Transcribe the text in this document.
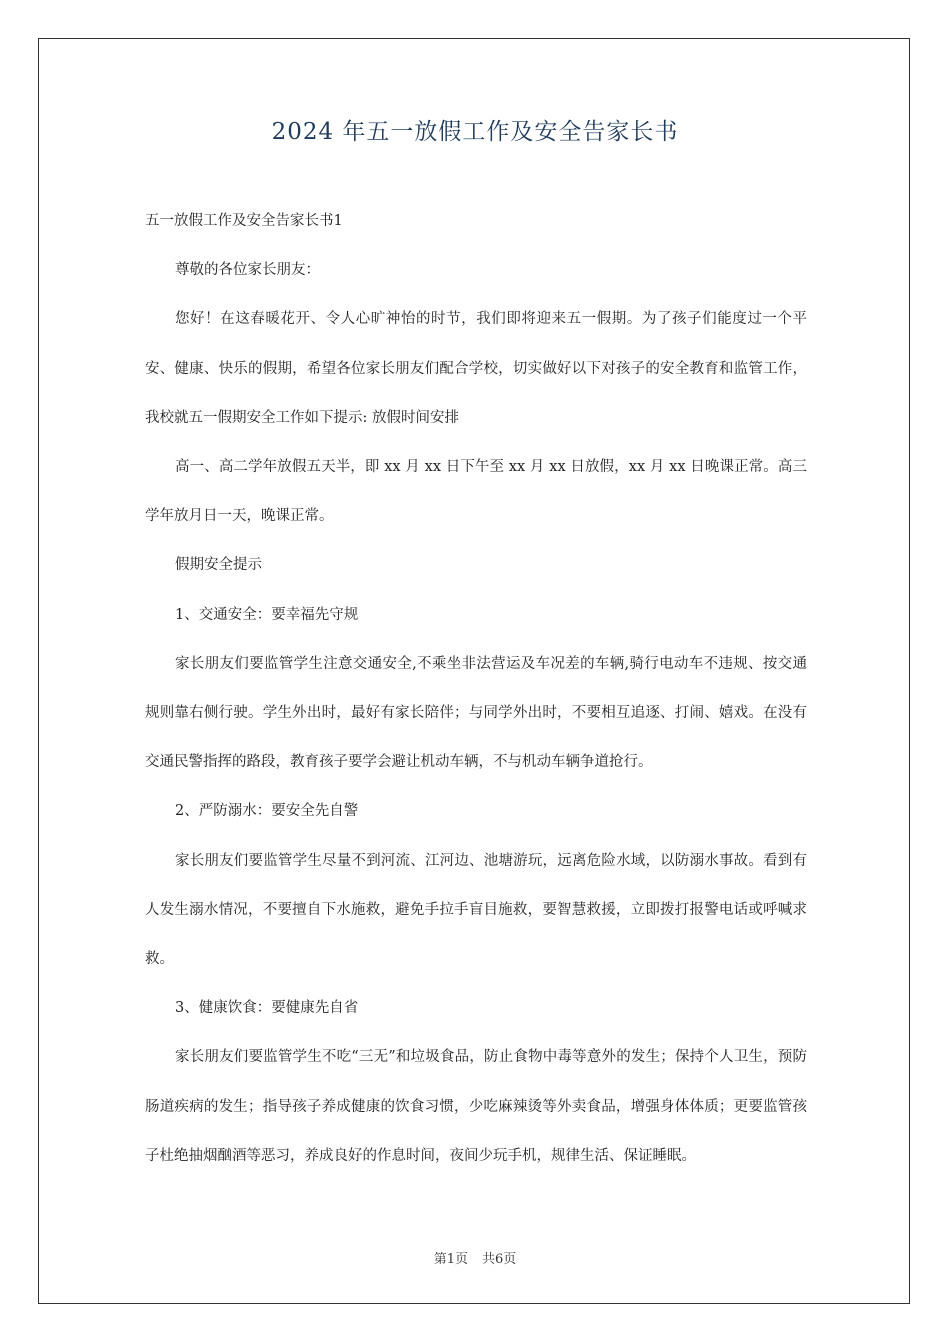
2024 年五一放假工作及安全告家长书

五一放假工作及安全告家长书1

尊敬的各位家长朋友：

您好！在这春暖花开、令人心旷神怡的时节，我们即将迎来五一假期。为了孩子们能度过一个平安、健康、快乐的假期，希望各位家长朋友们配合学校，切实做好以下对孩子的安全教育和监管工作，我校就五一假期安全工作如下提示: 放假时间安排

高一、高二学年放假五天半，即 xx 月 xx 日下午至 xx 月 xx 日放假，xx 月 xx 日晚课正常。高三学年放月日一天，晚课正常。

假期安全提示

1、交通安全：要幸福先守规

家长朋友们要监管学生注意交通安全,不乘坐非法营运及车况差的车辆,骑行电动车不违规、按交通规则靠右侧行驶。学生外出时，最好有家长陪伴；与同学外出时，不要相互追逐、打闹、嬉戏。在没有交通民警指挥的路段，教育孩子要学会避让机动车辆，不与机动车辆争道抢行。

2、严防溺水：要安全先自警

家长朋友们要监管学生尽量不到河流、江河边、池塘游玩，远离危险水域，以防溺水事故。看到有人发生溺水情况，不要擅自下水施救，避免手拉手盲目施救，要智慧救援，立即拨打报警电话或呼喊求救。

3、健康饮食：要健康先自省

家长朋友们要监管学生不吃“三无”和垃圾食品，防止食物中毒等意外的发生；保持个人卫生，预防肠道疾病的发生；指导孩子养成健康的饮食习惯，少吃麻辣烫等外卖食品，增强身体体质；更要监管孩子杜绝抽烟酗酒等恶习，养成良好的作息时间，夜间少玩手机，规律生活、保证睡眠。

第1页 共6页
